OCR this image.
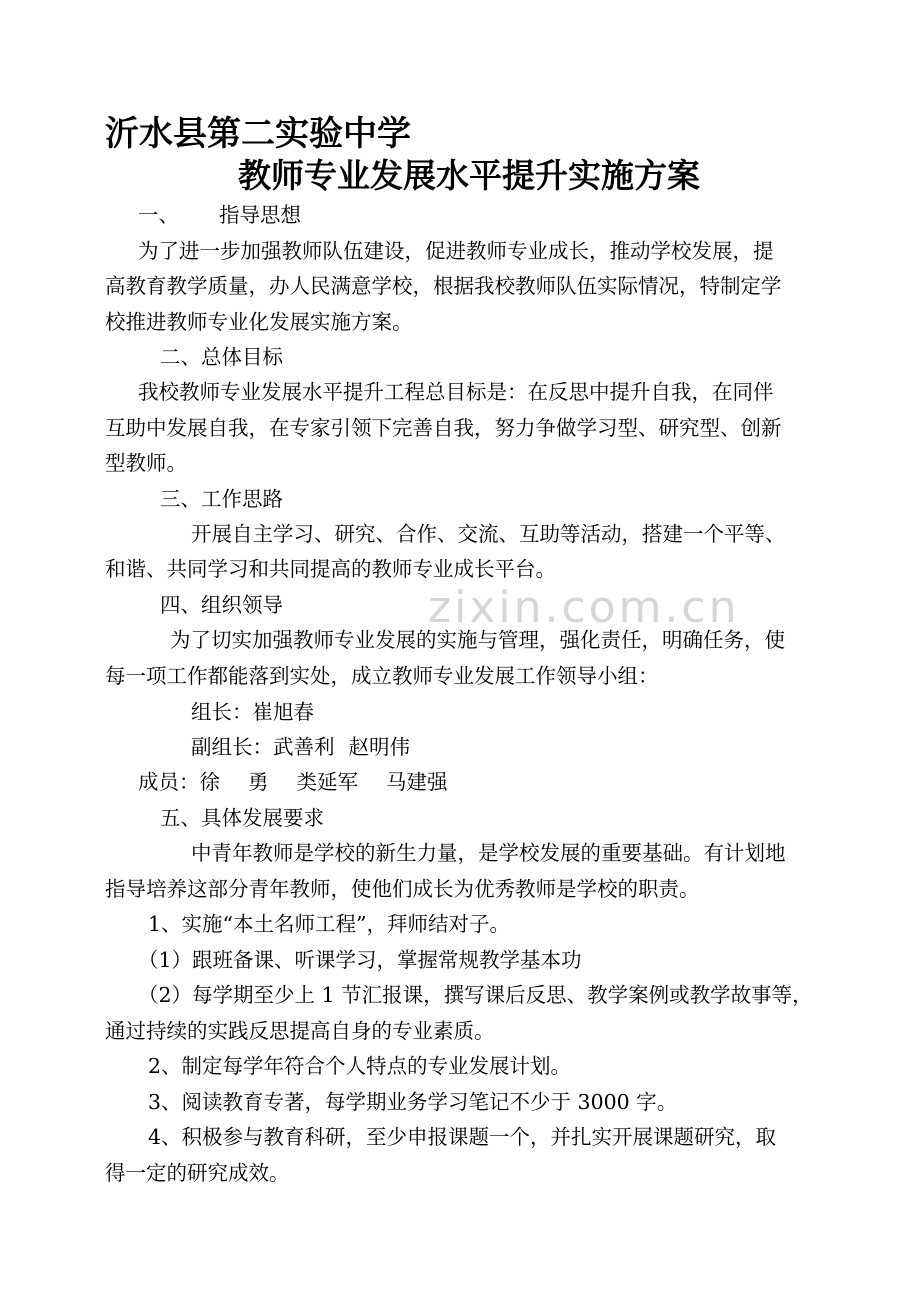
zixin.com.cn
沂水县第二实验中学
教师专业发展水平提升实施方案
一、 指导思想
为了进一步加强教师队伍建设，促进教师专业成长，推动学校发展，提
高教育教学质量，办人民满意学校，根据我校教师队伍实际情况，特制定学
校推进教师专业化发展实施方案。
二、总体目标
我校教师专业发展水平提升工程总目标是：在反思中提升自我，在同伴
互助中发展自我，在专家引领下完善自我，努力争做学习型、研究型、创新
型教师。
三、工作思路
开展自主学习、研究、合作、交流、互助等活动，搭建一个平等、
和谐、共同学习和共同提高的教师专业成长平台。
四、组织领导
为了切实加强教师专业发展的实施与管理，强化责任，明确任务，使
每一项工作都能落到实处，成立教师专业发展工作领导小组：
组长：崔旭春
副组长：武善利 赵明伟
成员：徐 勇 类延军 马建强
五、具体发展要求
中青年教师是学校的新生力量，是学校发展的重要基础。有计划地
指导培养这部分青年教师，使他们成长为优秀教师是学校的职责。
1、实施“本土名师工程”，拜师结对子。
（1）跟班备课、听课学习，掌握常规教学基本功
（2）每学期至少上 1 节汇报课，撰写课后反思、教学案例或教学故事等，
通过持续的实践反思提高自身的专业素质。
2、制定每学年符合个人特点的专业发展计划。
3、阅读教育专著，每学期业务学习笔记不少于 3000 字。
4、积极参与教育科研，至少申报课题一个，并扎实开展课题研究，取
得一定的研究成效。
